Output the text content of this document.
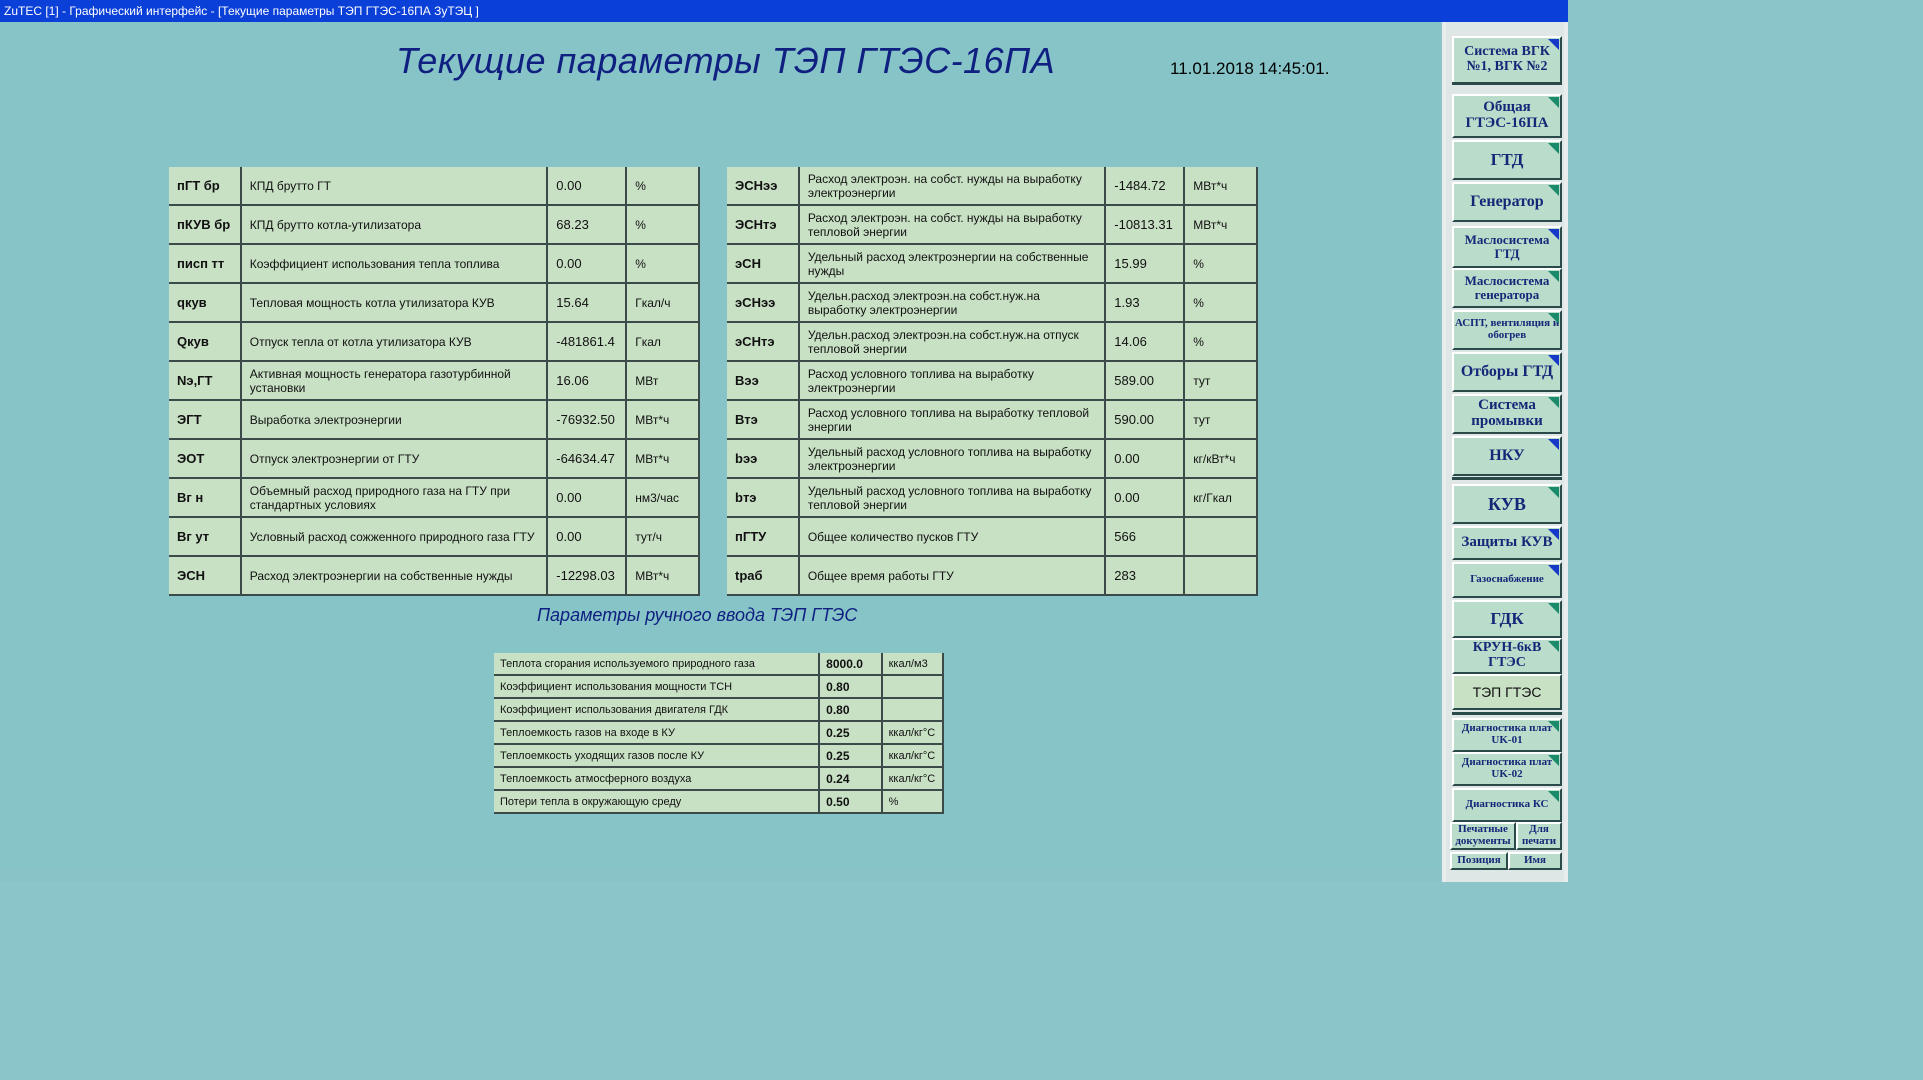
ZuTEC [1] - Графический интерфейс - [Текущие параметры ТЭП ГТЭС-16ПА ЗуТЭЦ ]
Текущие параметры ТЭП ГТЭС-16ПА	11.01.2018 14:45:01.
пГТ бр	КПД брутто ГТ	0.00	%
пКУВ бр	КПД брутто котла-утилизатора	68.23	%
писп тт	Коэффициент использования тепла топлива	0.00	%
qкув	Тепловая мощность котла утилизатора КУВ	15.64	Гкал/ч
Qкув	Отпуск тепла от котла утилизатора КУВ	-481861.4	Гкал
Nэ,ГТ	Активная мощность генератора газотурбинной установки	16.06	МВт
ЭГТ	Выработка электроэнергии	-76932.50	МВт*ч
ЭОТ	Отпуск электроэнергии от ГТУ	-64634.47	МВт*ч
Вг н	Объемный расход природного газа на ГТУ при стандартных условиях	0.00	нм3/час
Вг ут	Условный расход сожженного природного газа ГТУ	0.00	тут/ч
ЭСН	Расход электроэнергии на собственные нужды	-12298.03	МВт*ч
ЭСНээ	Расход электроэн. на собст. нужды на выработку электроэнергии	-1484.72	МВт*ч
ЭСНтэ	Расход электроэн. на собст. нужды на выработку тепловой энергии	-10813.31	МВт*ч
эСН	Удельный расход электроэнергии на собственные нужды	15.99	%
эСНээ	Удельн.расход электроэн.на собст.нуж.на выработку электроэнергии	1.93	%
эСНтэ	Удельн.расход электроэн.на собст.нуж.на отпуск тепловой энергии	14.06	%
Вээ	Расход условного топлива на выработку электроэнергии	589.00	тут
Втэ	Расход условного топлива на выработку тепловой энергии	590.00	тут
bээ	Удельный расход условного топлива на выработку электроэнергии	0.00	кг/кВт*ч
bтэ	Удельный расход условного топлива на выработку тепловой энергии	0.00	кг/Гкал
пГТУ	Общее количество пусков ГТУ	566	
tраб	Общее время работы ГТУ	283	
Параметры ручного ввода ТЭП ГТЭС
Теплота сгорания используемого природного газа	8000.0	ккал/м3
Коэффициент использования мощности ТСН	0.80	
Коэффициент использования двигателя ГДК	0.80	
Теплоемкость газов на входе в КУ	0.25	ккал/кг°С
Теплоемкость уходящих газов после КУ	0.25	ккал/кг°С
Теплоемкость атмосферного воздуха	0.24	ккал/кг°С
Потери тепла в окружающую среду	0.50	%
Система ВГК №1, ВГК №2
Общая ГТЭС-16ПА
ГТД
Генератор
Маслосистема ГТД
Маслосистема генератора
АСПТ, вентиляция и обогрев
Отборы ГТД
Система промывки
НКУ
КУВ
Защиты КУВ
Газоснабжение
ГДК
КРУН-6кВ ГТЭС
ТЭП ГТЭС
Диагностика плат UK-01
Диагностика плат UK-02
Диагностика КС
Печатные документы
Для печати
Позиция	Имя
